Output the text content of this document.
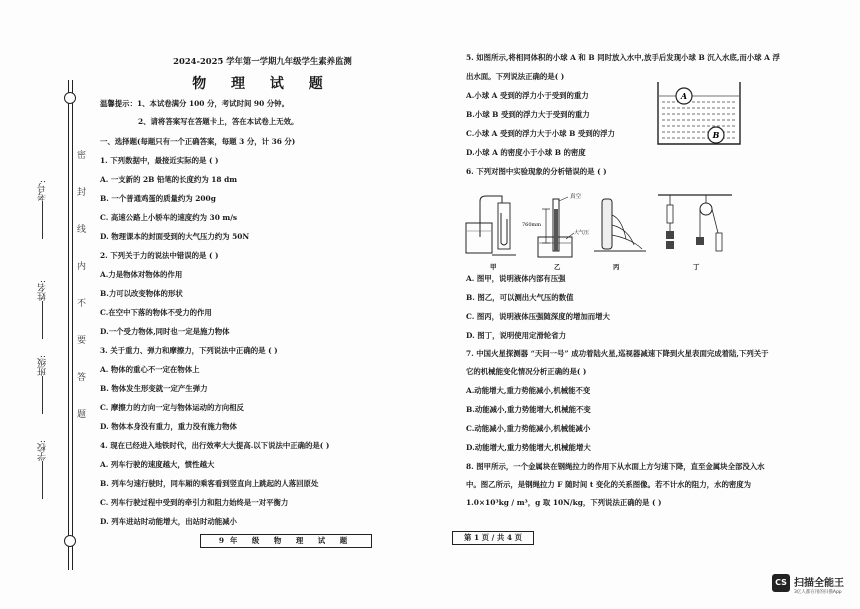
考号:
姓名:
班级:
学校:
密封线内不要答题
2024-2025 学年第一学期九年级学生素养监测
物 理 试 题
温馨提示：1、本试卷满分 100 分，考试时间 90 分钟。
2、请将答案写在答题卡上，答在本试卷上无效。
一、选择题(每题只有一个正确答案，每题 3 分，计 36 分)
1. 下列数据中，最接近实际的是 ( )
A. 一支新的 2B 铅笔的长度约为 18 dm
B. 一个普通鸡蛋的质量约为 200g
C. 高速公路上小轿车的速度约为 30 m/s
D. 物理课本的封面受到的大气压力约为 50N
2. 下列关于力的说法中错误的是 ( )
A.力是物体对物体的作用
B.力可以改变物体的形状
C.在空中下落的物体不受力的作用
D.一个受力物体,同时也一定是施力物体
3. 关于重力、弹力和摩擦力，下列说法中正确的是 ( )
A. 物体的重心不一定在物体上
B. 物体发生形变就一定产生弹力
C. 摩擦力的方向一定与物体运动的方向相反
D. 物体本身没有重力，重力没有施力物体
4. 现在已经进入地铁时代，出行效率大大提高.以下说法中正确的是( )
A. 列车行驶的速度越大，惯性越大
B. 列车匀速行驶时，同车厢的乘客看到竖直向上跳起的人落回原处
C. 列车行驶过程中受到的牵引力和阻力始终是一对平衡力
D. 列车进站时动能增大，出站时动能减小
9年 级 物 理 试 题
5. 如图所示,将相同体积的小球 A 和 B 同时放入水中,放手后发现小球 B 沉入水底,而小球 A 浮
出水面。下列说法正确的是( )
A.小球 A 受到的浮力小于受到的重力
B.小球 B 受到的浮力大于受到的重力
C.小球 A 受到的浮力大于小球 B 受到的浮力
D.小球 A 的密度小于小球 B 的密度
A
B
6. 下列对图中实验现象的分析错误的是 ( )
真空
760mm
大气压
甲	乙	丙	丁
A. 图甲，说明液体内部有压强
B. 图乙，可以测出大气压的数值
C. 图丙，说明液体压强随深度的增加而增大
D. 图丁，说明使用定滑轮省力
7. 中国火星探测器 “天问一号” 成功着陆火星,巡视器减速下降到火星表面完成着陆,下列关于
它的机械能变化情况分析正确的是( )
A.动能增大,重力势能减小,机械能不变
B.动能减小,重力势能增大,机械能不变
C.动能减小,重力势能减小,机械能减小
D.动能增大,重力势能增大,机械能增大
8. 图甲所示，一个金属块在钢绳拉力的作用下从水面上方匀速下降，直至金属块全部没入水
中。图乙所示，是钢绳拉力 F 随时间 t 变化的关系图像。若不计水的阻力，水的密度为
1.0×10³kg / m³，g 取 10N/kg，下列说法正确的是 ( )
第 1 页 / 共 4 页
CS 扫描全能王
3亿人都在用的扫描App
